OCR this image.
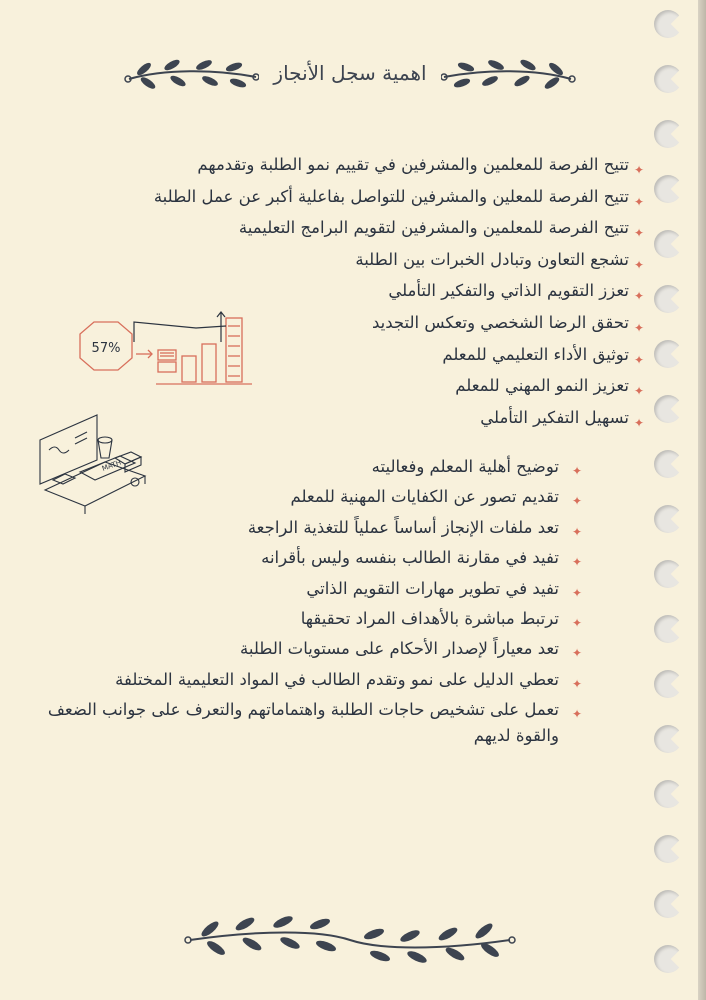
اهمية سجل الأنجاز
✦
تتيح الفرصة للمعلمين والمشرفين في تقييم نمو الطلبة وتقدمهم
✦
تتيح الفرصة للمعلين والمشرفين للتواصل بفاعلية أكبر عن عمل الطلبة
✦
تتيح الفرصة للمعلمين والمشرفين لتقويم البرامج التعليمية
✦
تشجع التعاون وتبادل الخبرات بين الطلبة
✦
تعزز التقويم الذاتي والتفكير التأملي
✦
تحقق الرضا الشخصي وتعكس التجديد
✦
توثيق الأداء التعليمي للمعلم
✦
تعزيز النمو المهني للمعلم
✦
تسهيل التفكير التأملي
57%
MATH	✦
توضيح أهلية المعلم وفعاليته
✦
تقديم تصور عن الكفايات المهنية للمعلم
✦
تعد ملفات الإنجاز أساساً عملياً للتغذية الراجعة
✦
تفيد في مقارنة الطالب بنفسه وليس بأقرانه
✦
تفيد في تطوير مهارات التقويم الذاتي
✦
ترتبط مباشرة بالأهداف المراد تحقيقها
✦
تعد معياراً لإصدار الأحكام على مستويات الطلبة
✦
تعطي الدليل على نمو وتقدم الطالب في المواد التعليمية المختلفة
✦
تعمل على تشخيص حاجات الطلبة واهتماماتهم والتعرف على جوانب الضعف والقوة لديهم
